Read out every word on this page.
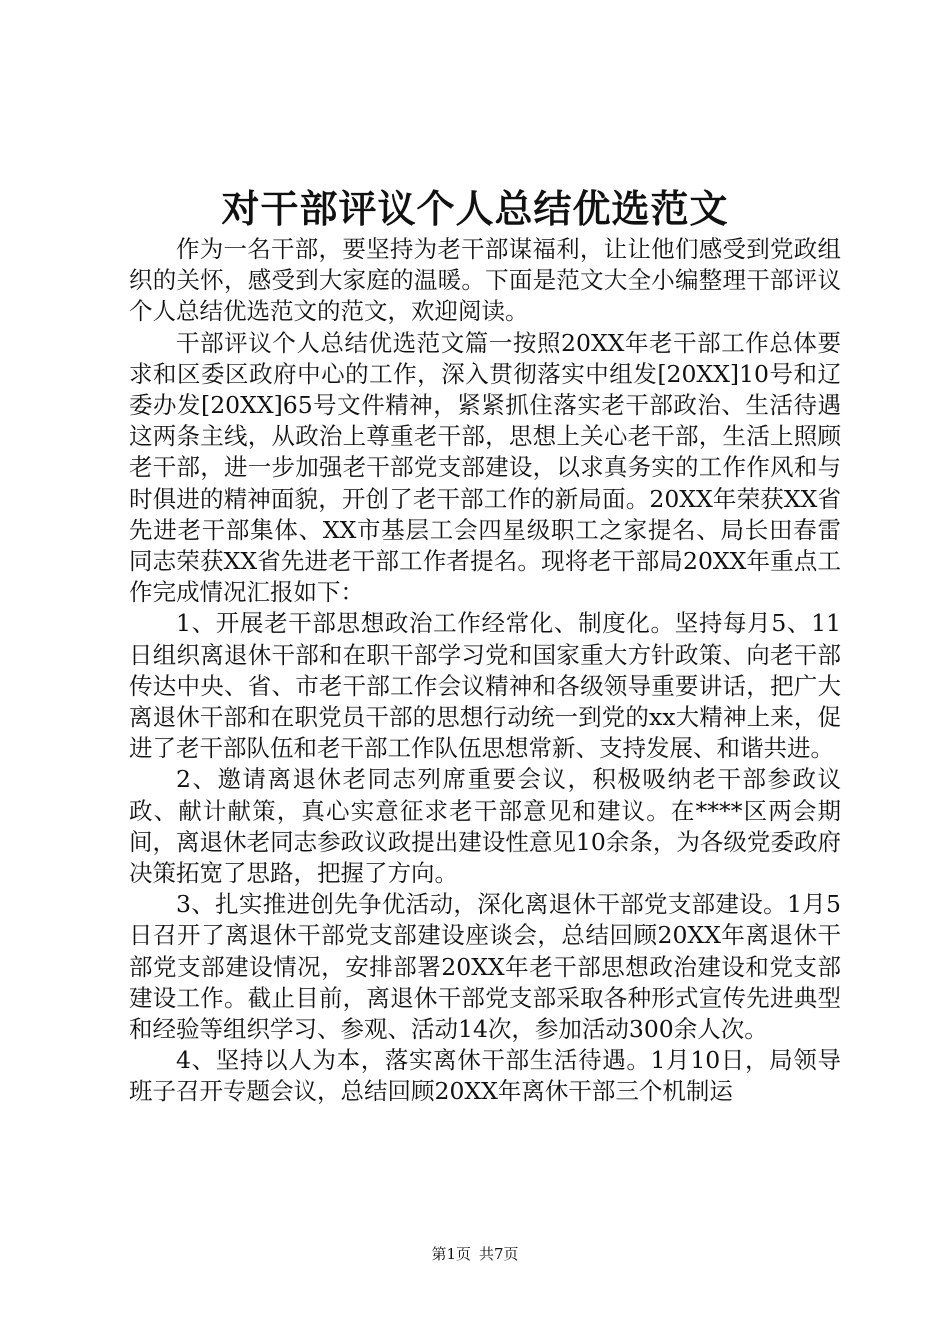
对干部评议个人总结优选范文

作为一名干部，要坚持为老干部谋福利，让让他们感受到党政组织的关怀，感受到大家庭的温暖。下面是范文大全小编整理干部评议个人总结优选范文的范文，欢迎阅读。

干部评议个人总结优选范文篇一按照20XX年老干部工作总体要求和区委区政府中心的工作，深入贯彻落实中组发[20XX]10号和辽委办发[20XX]65号文件精神，紧紧抓住落实老干部政治、生活待遇这两条主线，从政治上尊重老干部，思想上关心老干部，生活上照顾老干部，进一步加强老干部党支部建设，以求真务实的工作作风和与时俱进的精神面貌，开创了老干部工作的新局面。20XX年荣获XX省先进老干部集体、XX市基层工会四星级职工之家提名、局长田春雷同志荣获XX省先进老干部工作者提名。现将老干部局20XX年重点工作完成情况汇报如下：

1、开展老干部思想政治工作经常化、制度化。坚持每月5、11日组织离退休干部和在职干部学习党和国家重大方针政策、向老干部传达中央、省、市老干部工作会议精神和各级领导重要讲话，把广大离退休干部和在职党员干部的思想行动统一到党的xx大精神上来，促进了老干部队伍和老干部工作队伍思想常新、支持发展、和谐共进。

2、邀请离退休老同志列席重要会议，积极吸纳老干部参政议政、献计献策，真心实意征求老干部意见和建议。在****区两会期间，离退休老同志参政议政提出建设性意见10余条，为各级党委政府决策拓宽了思路，把握了方向。

3、扎实推进创先争优活动，深化离退休干部党支部建设。1月5日召开了离退休干部党支部建设座谈会，总结回顾20XX年离退休干部党支部建设情况，安排部署20XX年老干部思想政治建设和党支部建设工作。截止目前，离退休干部党支部采取各种形式宣传先进典型和经验等组织学习、参观、活动14次，参加活动300余人次。

4、坚持以人为本，落实离休干部生活待遇。1月10日，局领导班子召开专题会议，总结回顾20XX年离休干部三个机制运

第1页 共7页
